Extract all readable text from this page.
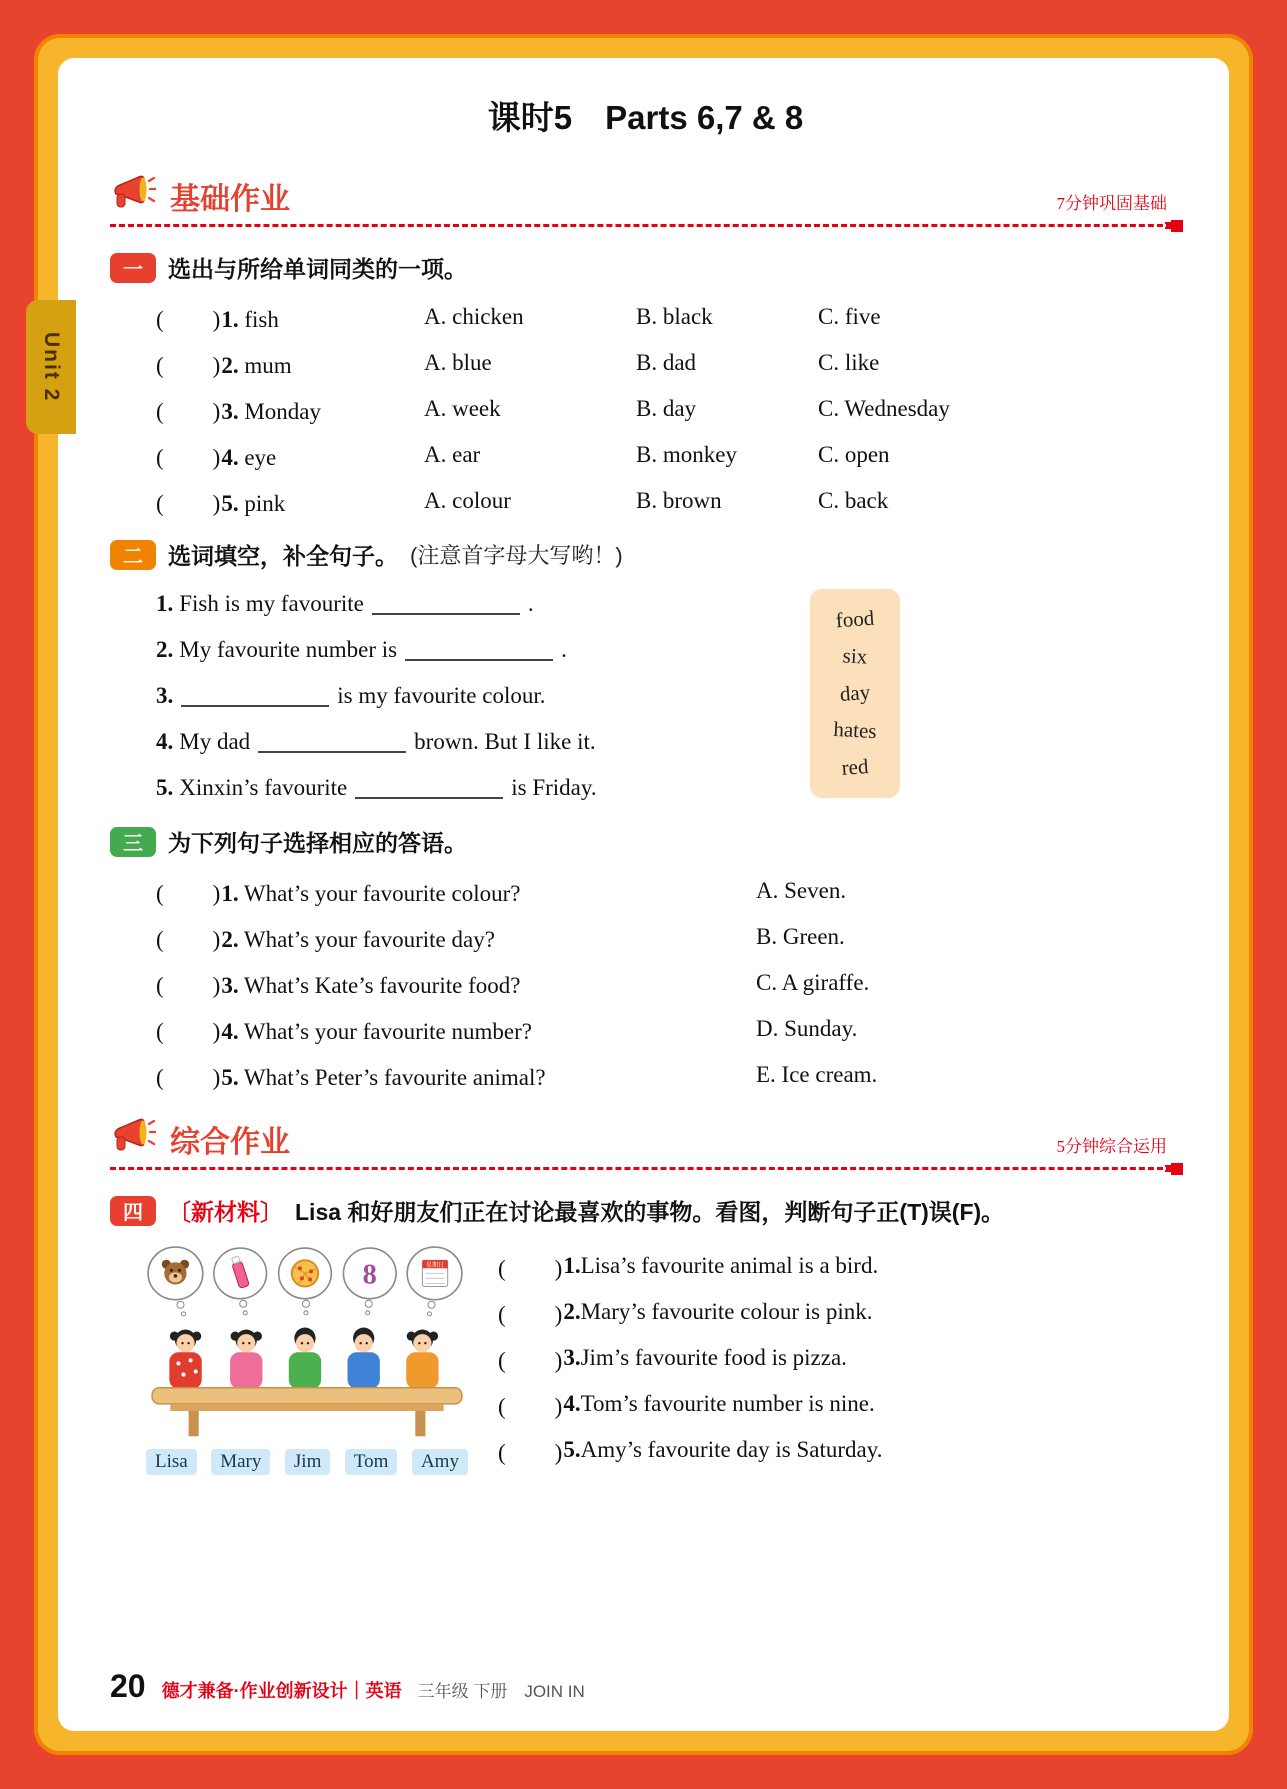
Unit 2
课时5　Parts 6,7 & 8
基础作业	7分钟巩固基础
一	选出与所给单词同类的一项。
(　　)1. fish	A. chicken	B. black	C. five
(　　)2. mum	A. blue	B. dad	C. like
(　　)3. Monday	A. week	B. day	C. Wednesday
(　　)4. eye	A. ear	B. monkey	C. open
(　　)5. pink	A. colour	B. brown	C. back
二	选词填空，补全句子。 (注意首字母大写哟！)
1. Fish is my favourite	.
2. My favourite number is	.
3.	is my favourite colour.
4. My dad	brown. But I like it.
5. Xinxin’s favourite	is Friday.
food
six
day
hates
red
三	为下列句子选择相应的答语。
(　　)1. What’s your favourite colour?	A. Seven.
(　　)2. What’s your favourite day?	B. Green.
(　　)3. What’s Kate’s favourite food?	C. A giraffe.
(　　)4. What’s your favourite number?	D. Sunday.
(　　)5. What’s Peter’s favourite animal?	E. Ice cream.
综合作业	5分钟综合运用
四	〔新材料〕 Lisa 和好朋友们正在讨论最喜欢的事物。看图，判断句子正(T)误(F)。
8	星期日
Lisa	Mary	Jim	Tom	Amy
(　　) 1. Lisa’s favourite animal is a bird.
(　　) 2. Mary’s favourite colour is pink.
(　　) 3. Jim’s favourite food is pizza.
(　　) 4. Tom’s favourite number is nine.
(　　) 5. Amy’s favourite day is Saturday.
20 德才兼备·作业创新设计｜英语 三年级 下册　JOIN IN
